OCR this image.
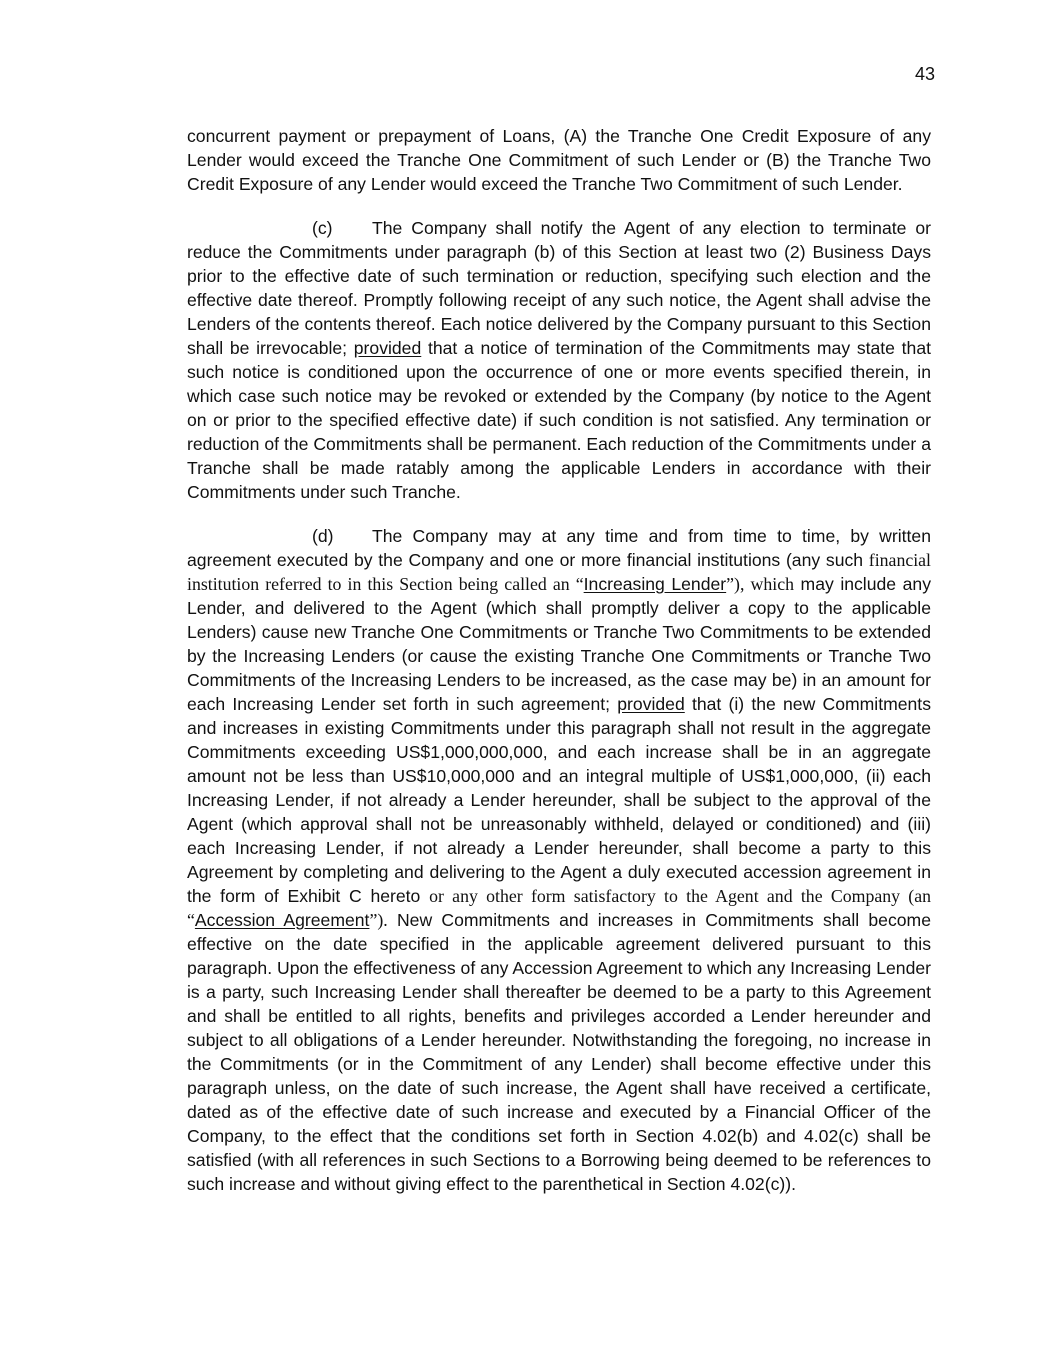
43

concurrent payment or prepayment of Loans, (A) the Tranche One Credit Exposure of any Lender would exceed the Tranche One Commitment of such Lender or (B) the Tranche Two Credit Exposure of any Lender would exceed the Tranche Two Commitment of such Lender.

(c) The Company shall notify the Agent of any election to terminate or reduce the Commitments under paragraph (b) of this Section at least two (2) Business Days prior to the effective date of such termination or reduction, specifying such election and the effective date thereof. Promptly following receipt of any such notice, the Agent shall advise the Lenders of the contents thereof. Each notice delivered by the Company pursuant to this Section shall be irrevocable; provided that a notice of termination of the Commitments may state that such notice is conditioned upon the occurrence of one or more events specified therein, in which case such notice may be revoked or extended by the Company (by notice to the Agent on or prior to the specified effective date) if such condition is not satisfied. Any termination or reduction of the Commitments shall be permanent. Each reduction of the Commitments under a Tranche shall be made ratably among the applicable Lenders in accordance with their Commitments under such Tranche.

(d) The Company may at any time and from time to time, by written agreement executed by the Company and one or more financial institutions (any such financial institution referred to in this Section being called an “Increasing Lender”), which may include any Lender, and delivered to the Agent (which shall promptly deliver a copy to the applicable Lenders) cause new Tranche One Commitments or Tranche Two Commitments to be extended by the Increasing Lenders (or cause the existing Tranche One Commitments or Tranche Two Commitments of the Increasing Lenders to be increased, as the case may be) in an amount for each Increasing Lender set forth in such agreement; provided that (i) the new Commitments and increases in existing Commitments under this paragraph shall not result in the aggregate Commitments exceeding US$1,000,000,000, and each increase shall be in an aggregate amount not be less than US$10,000,000 and an integral multiple of US$1,000,000, (ii) each Increasing Lender, if not already a Lender hereunder, shall be subject to the approval of the Agent (which approval shall not be unreasonably withheld, delayed or conditioned) and (iii) each Increasing Lender, if not already a Lender hereunder, shall become a party to this Agreement by completing and delivering to the Agent a duly executed accession agreement in the form of Exhibit C hereto or any other form satisfactory to the Agent and the Company (an “Accession Agreement”). New Commitments and increases in Commitments shall become effective on the date specified in the applicable agreement delivered pursuant to this paragraph. Upon the effectiveness of any Accession Agreement to which any Increasing Lender is a party, such Increasing Lender shall thereafter be deemed to be a party to this Agreement and shall be entitled to all rights, benefits and privileges accorded a Lender hereunder and subject to all obligations of a Lender hereunder. Notwithstanding the foregoing, no increase in the Commitments (or in the Commitment of any Lender) shall become effective under this paragraph unless, on the date of such increase, the Agent shall have received a certificate, dated as of the effective date of such increase and executed by a Financial Officer of the Company, to the effect that the conditions set forth in Section 4.02(b) and 4.02(c) shall be satisfied (with all references in such Sections to a Borrowing being deemed to be references to such increase and without giving effect to the parenthetical in Section 4.02(c)).
